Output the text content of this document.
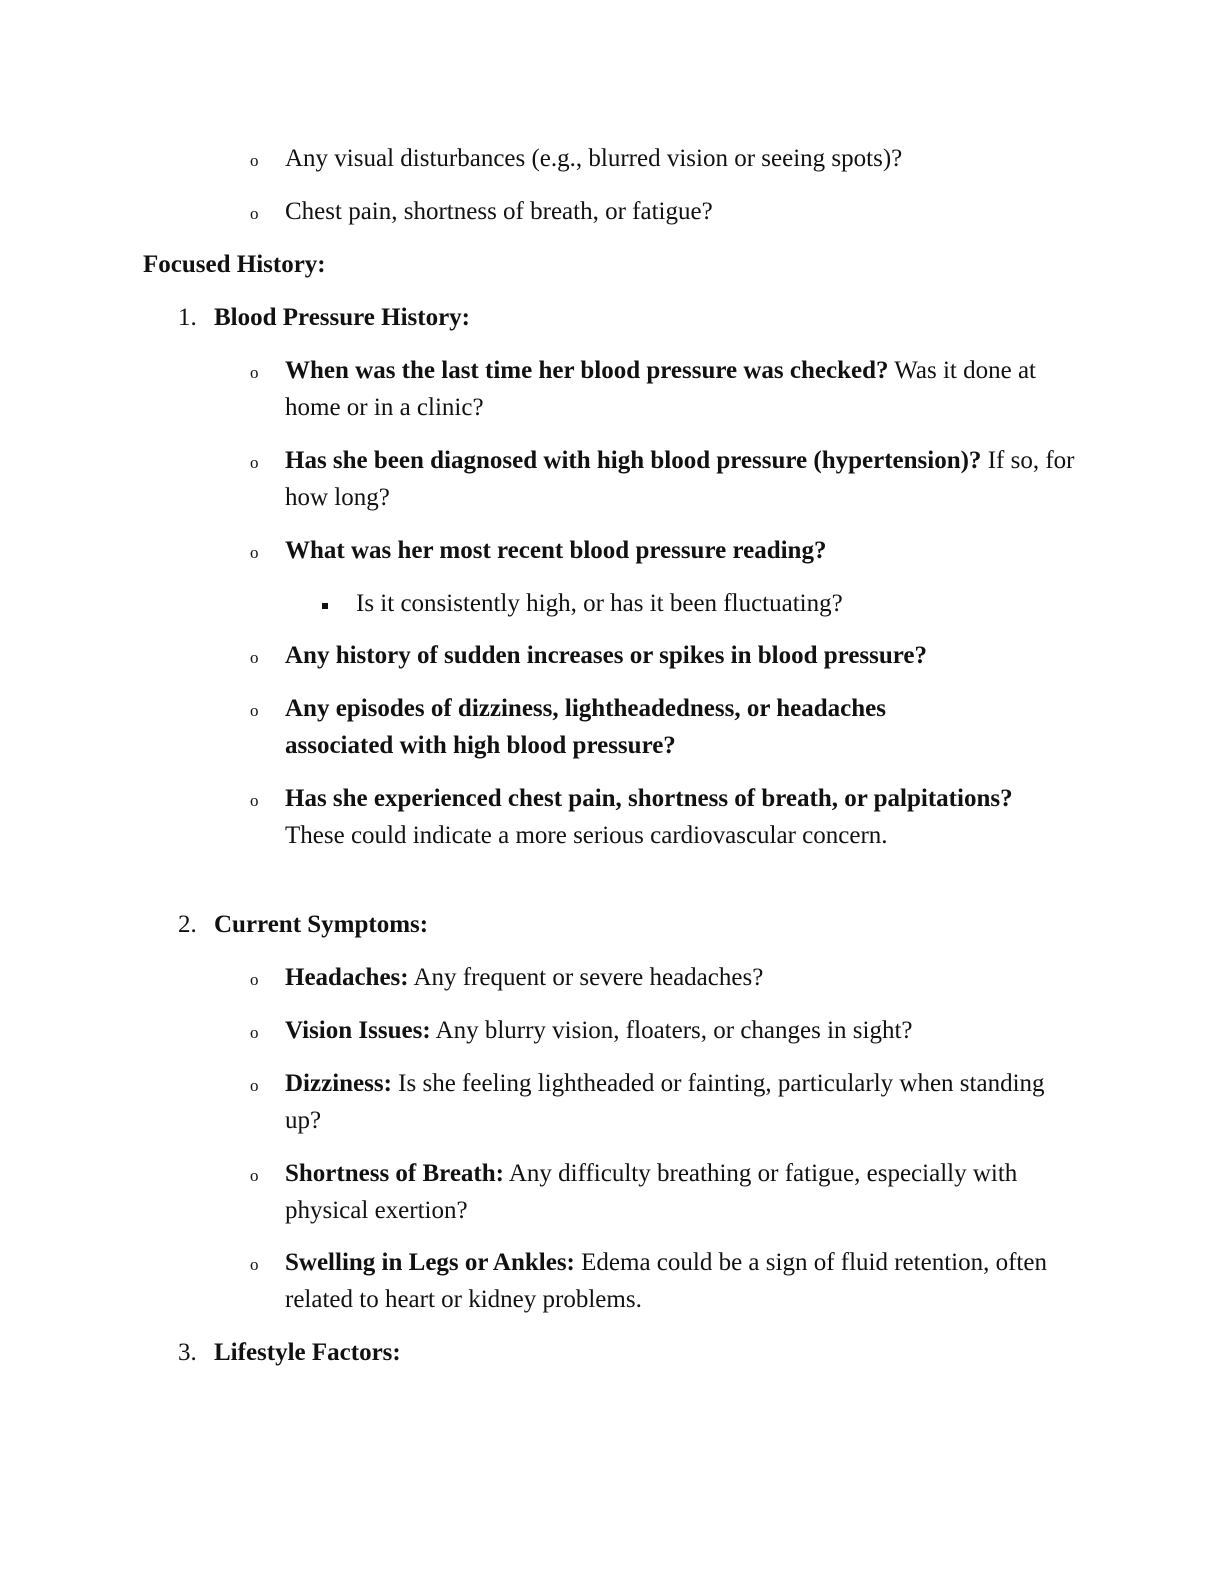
o Any visual disturbances (e.g., blurred vision or seeing spots)?
o Chest pain, shortness of breath, or fatigue?
Focused History:
1. Blood Pressure History:
o When was the last time her blood pressure was checked? Was it done at home or in a clinic?
o Has she been diagnosed with high blood pressure (hypertension)? If so, for how long?
o What was her most recent blood pressure reading?
Is it consistently high, or has it been fluctuating?
o Any history of sudden increases or spikes in blood pressure?
o Any episodes of dizziness, lightheadedness, or headaches associated with high blood pressure?
o Has she experienced chest pain, shortness of breath, or palpitations? These could indicate a more serious cardiovascular concern.
2. Current Symptoms:
o Headaches: Any frequent or severe headaches?
o Vision Issues: Any blurry vision, floaters, or changes in sight?
o Dizziness: Is she feeling lightheaded or fainting, particularly when standing up?
o Shortness of Breath: Any difficulty breathing or fatigue, especially with physical exertion?
o Swelling in Legs or Ankles: Edema could be a sign of fluid retention, often related to heart or kidney problems.
3. Lifestyle Factors:
